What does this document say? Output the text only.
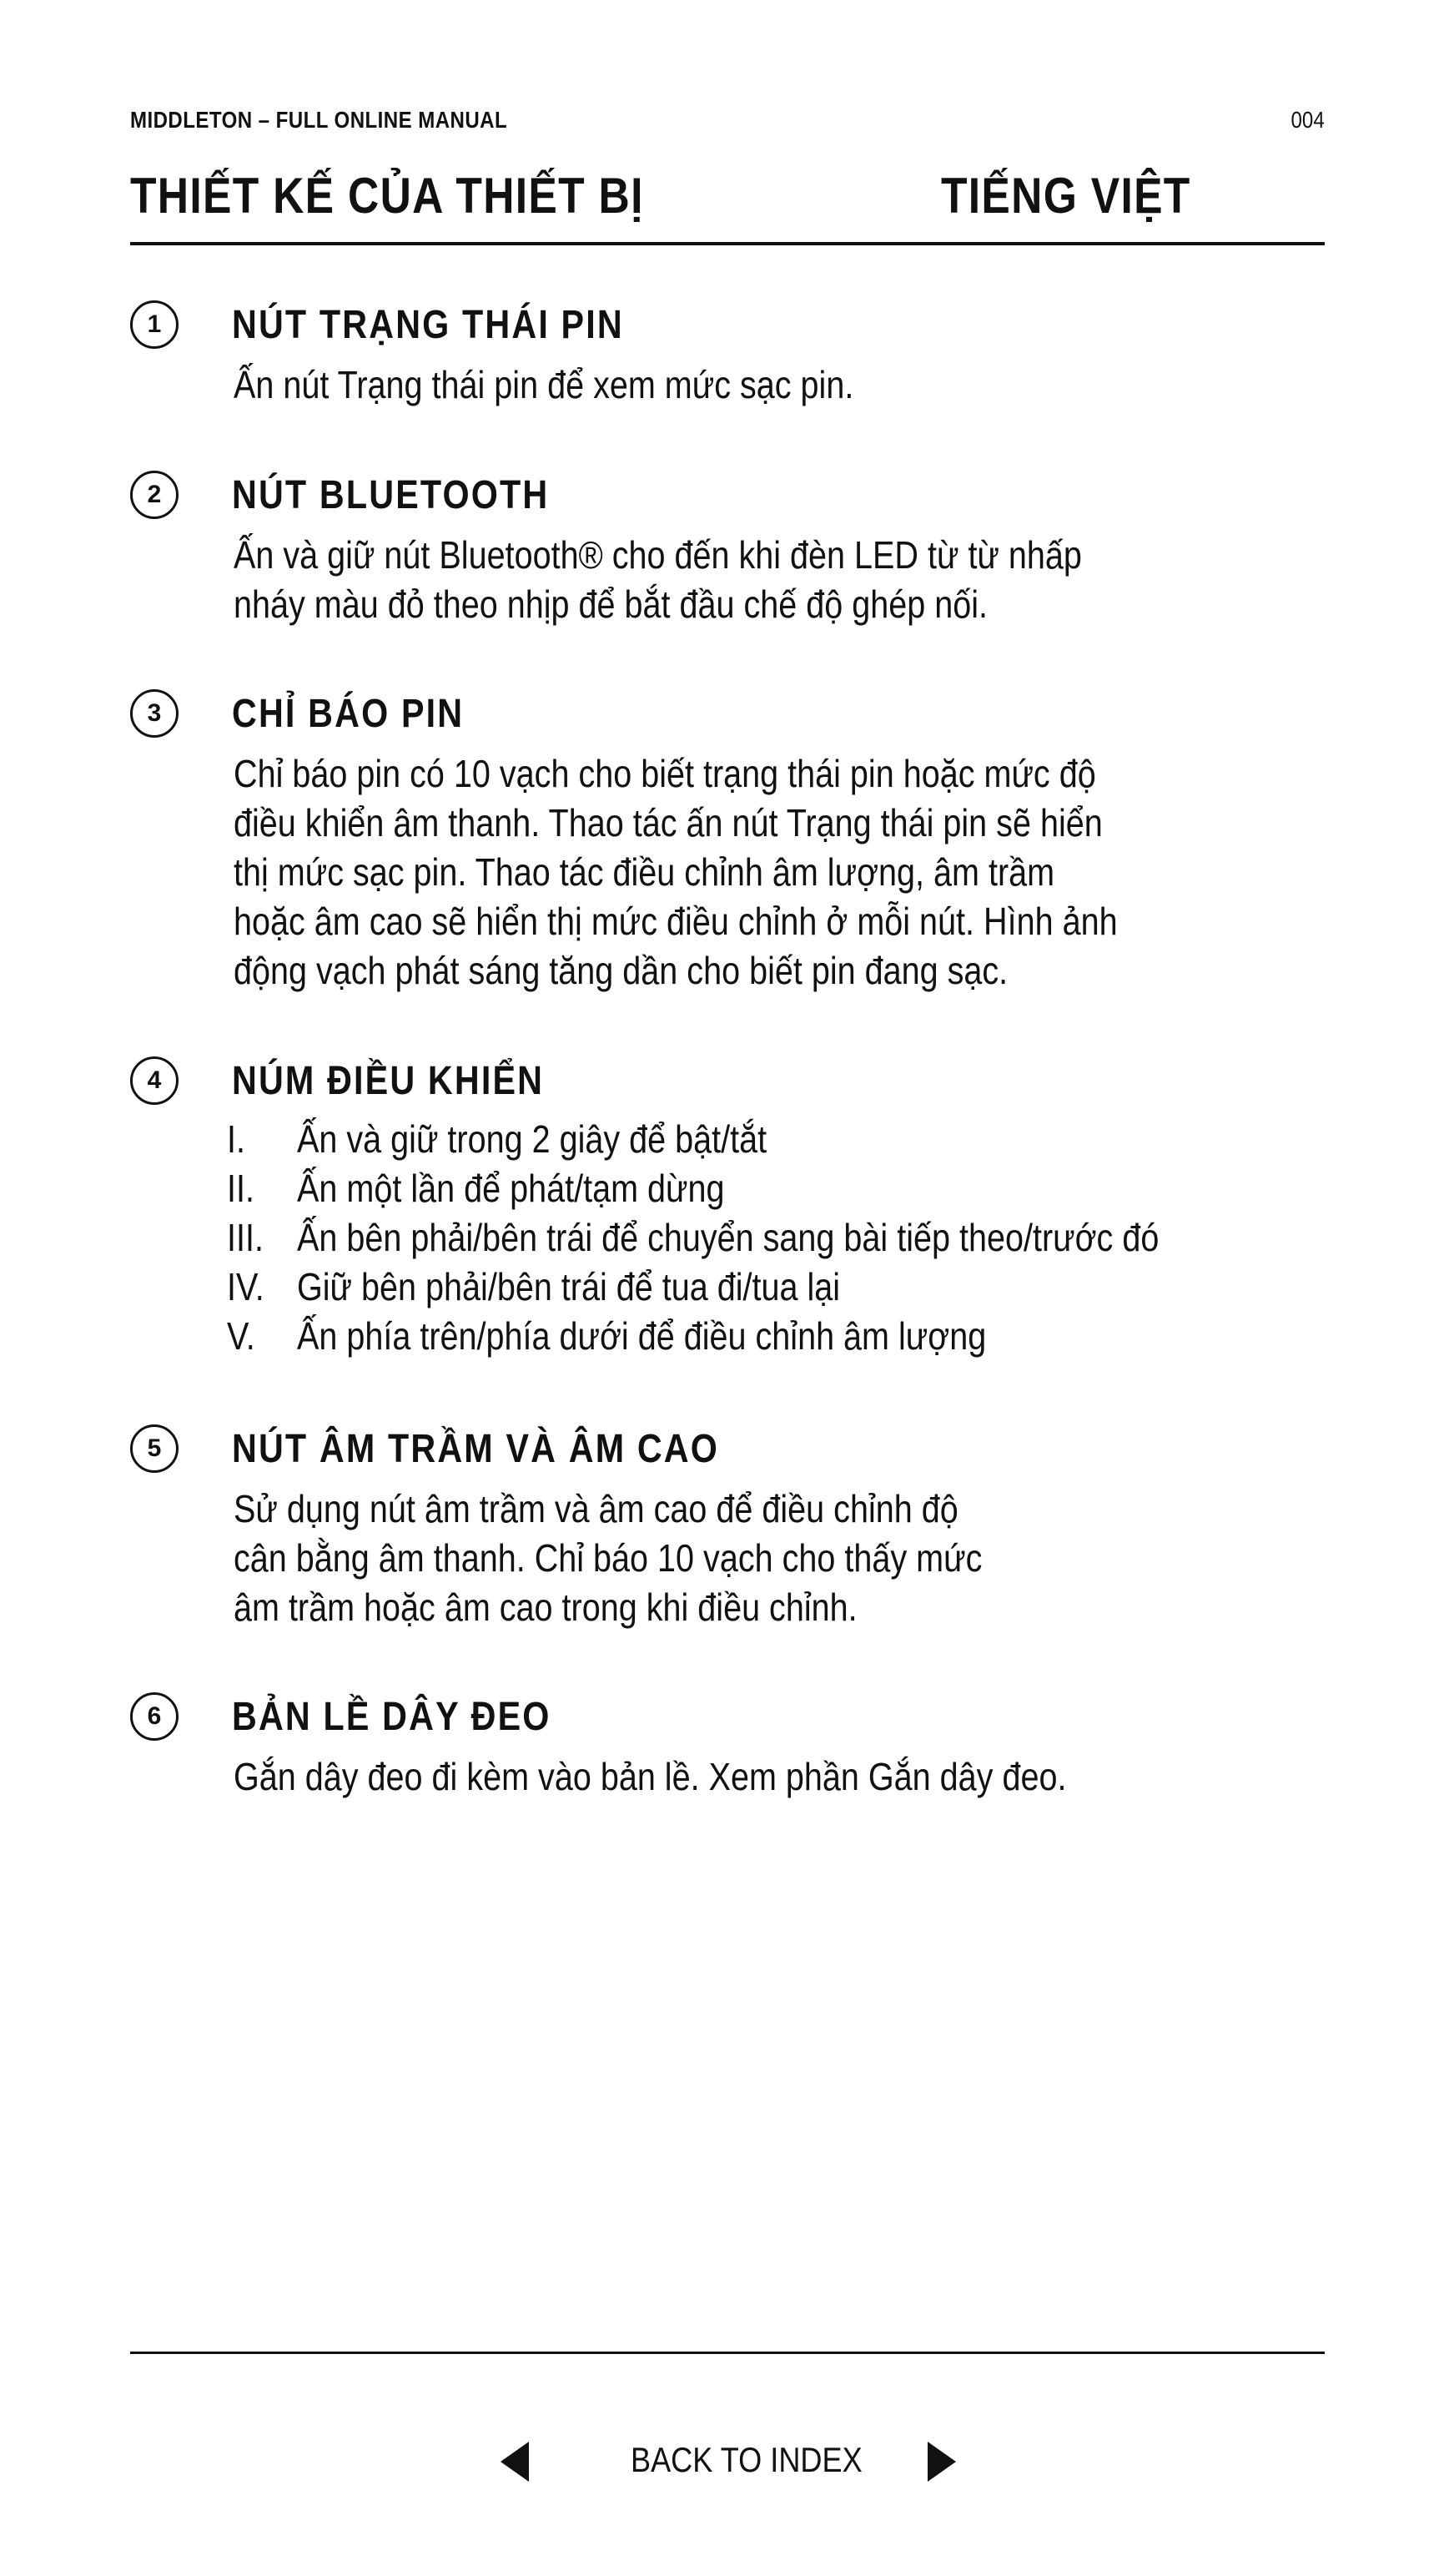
MIDDLETON – FULL ONLINE MANUAL	004
THIẾT KẾ CỦA THIẾT BỊ	TIẾNG VIỆT
1	NÚT TRẠNG THÁI PIN
Ấn nút Trạng thái pin để xem mức sạc pin.
2	NÚT BLUETOOTH
Ấn và giữ nút Bluetooth® cho đến khi đèn LED từ từ nhấp
nháy màu đỏ theo nhịp để bắt đầu chế độ ghép nối.
3	CHỈ BÁO PIN
Chỉ báo pin có 10 vạch cho biết trạng thái pin hoặc mức độ
điều khiển âm thanh. Thao tác ấn nút Trạng thái pin sẽ hiển
thị mức sạc pin. Thao tác điều chỉnh âm lượng, âm trầm
hoặc âm cao sẽ hiển thị mức điều chỉnh ở mỗi nút. Hình ảnh
động vạch phát sáng tăng dần cho biết pin đang sạc.
4	NÚM ĐIỀU KHIỂN
I. Ấn và giữ trong 2 giây để bật/tắt
II. Ấn một lần để phát/tạm dừng
III. Ấn bên phải/bên trái để chuyển sang bài tiếp theo/trước đó
IV. Giữ bên phải/bên trái để tua đi/tua lại
V. Ấn phía trên/phía dưới để điều chỉnh âm lượng
5	NÚT ÂM TRẦM VÀ ÂM CAO
Sử dụng nút âm trầm và âm cao để điều chỉnh độ
cân bằng âm thanh. Chỉ báo 10 vạch cho thấy mức
âm trầm hoặc âm cao trong khi điều chỉnh.
6	BẢN LỀ DÂY ĐEO
Gắn dây đeo đi kèm vào bản lề. Xem phần Gắn dây đeo.
BACK TO INDEX
